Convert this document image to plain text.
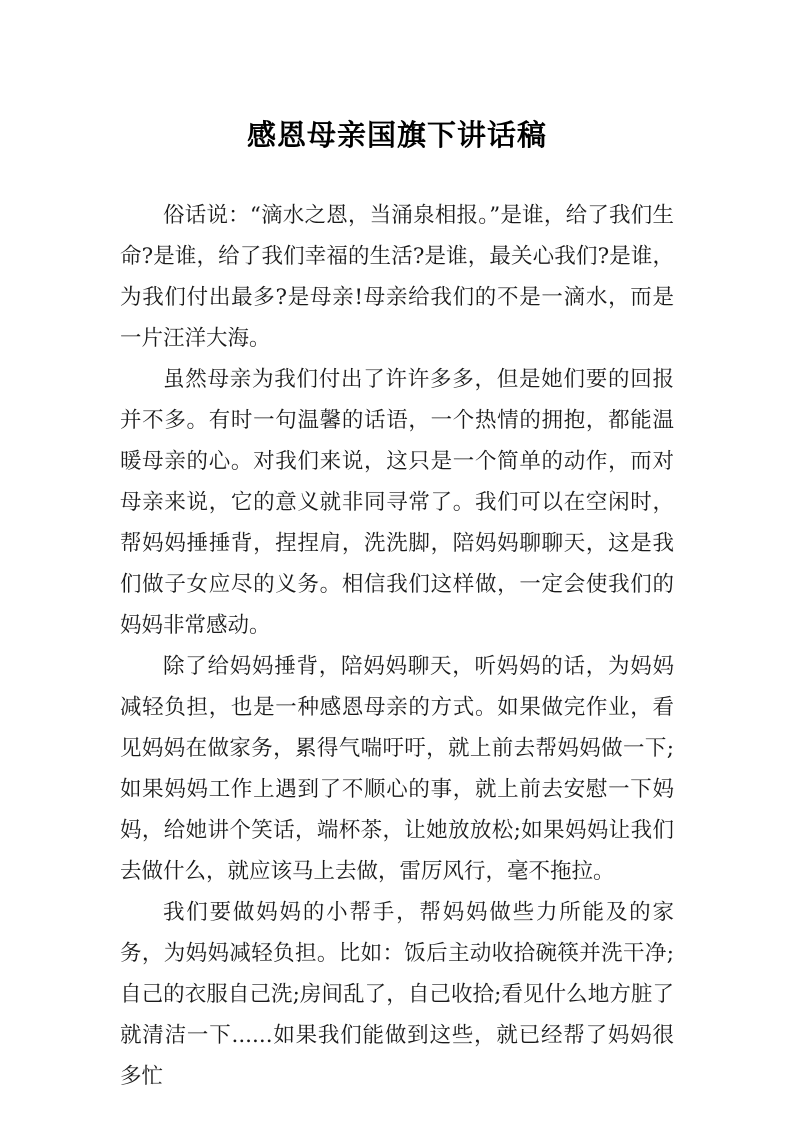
感恩母亲国旗下讲话稿

俗话说：“滴水之恩，当涌泉相报。”是谁，给了我们生命?是谁，给了我们幸福的生活?是谁，最关心我们?是谁，为我们付出最多?是母亲!母亲给我们的不是一滴水，而是一片汪洋大海。

虽然母亲为我们付出了许许多多，但是她们要的回报并不多。有时一句温馨的话语，一个热情的拥抱，都能温暖母亲的心。对我们来说，这只是一个简单的动作，而对母亲来说，它的意义就非同寻常了。我们可以在空闲时，帮妈妈捶捶背，捏捏肩，洗洗脚，陪妈妈聊聊天，这是我们做子女应尽的义务。相信我们这样做，一定会使我们的妈妈非常感动。

除了给妈妈捶背，陪妈妈聊天，听妈妈的话，为妈妈减轻负担，也是一种感恩母亲的方式。如果做完作业，看见妈妈在做家务，累得气喘吁吁，就上前去帮妈妈做一下;如果妈妈工作上遇到了不顺心的事，就上前去安慰一下妈妈，给她讲个笑话，端杯茶，让她放放松;如果妈妈让我们去做什么，就应该马上去做，雷厉风行，毫不拖拉。

我们要做妈妈的小帮手，帮妈妈做些力所能及的家务，为妈妈减轻负担。比如：饭后主动收拾碗筷并洗干净;自己的衣服自己洗;房间乱了，自己收拾;看见什么地方脏了就清洁一下......如果我们能做到这些，就已经帮了妈妈很多忙
